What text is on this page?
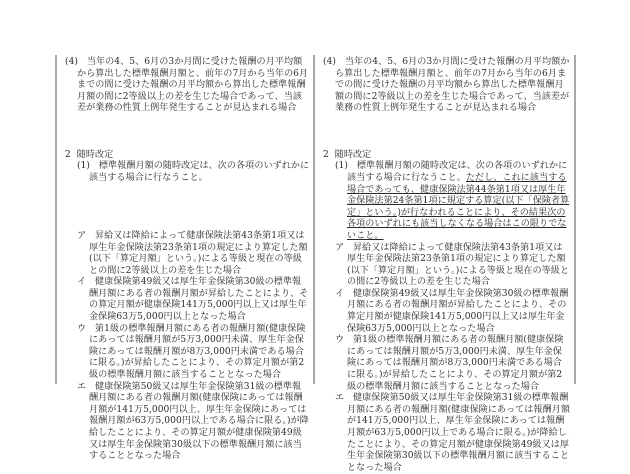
(4) 当年の4、5、6月の3か月間に受けた報酬の月平均額から算出した標準報酬月額と、前年の7月から当年の6月までの間に受けた報酬の月平均額から算出した標準報酬月額の間に2等級以上の差を生じた場合であって、当該差が業務の性質上例年発生することが見込まれる場合
2 随時改定
(1) 標準報酬月額の随時改定は、次の各項のいずれかに該当する場合に行なうこと。
ア 昇給又は降給によって健康保険法第43条第1項又は厚生年金保険法第23条第1項の規定により算定した額(以下「算定月額」という。)による等級と現在の等級との間に2等級以上の差を生じた場合
イ 健康保険第49級又は厚生年金保険第30級の標準報酬月額にある者の報酬月額が昇給したことにより、その算定月額が健康保険141万5,000円以上又は厚生年金保険63万5,000円以上となった場合
ウ 第1級の標準報酬月額にある者の報酬月額(健康保険にあっては報酬月額が5万3,000円未満、厚生年金保険にあっては報酬月額が8万3,000円未満である場合に限る。)が昇給したことにより、その算定月額が第2級の標準報酬月額に該当することとなった場合
エ 健康保険第50級又は厚生年金保険第31級の標準報酬月額にある者の報酬月額(健康保険にあっては報酬月額が141万5,000円以上、厚生年金保険にあっては報酬月額が63万5,000円以上である場合に限る。)が降給したことにより、その算定月額が健康保険第49級又は厚生年金保険第30級以下の標準報酬月額に該当することとなった場合
(4) 当年の4、5、6月の3か月間に受けた報酬の月平均額から算出した標準報酬月額と、前年の7月から当年の6月までの間に受けた報酬の月平均額から算出した標準報酬月額の間に2等級以上の差を生じた場合であって、当該差が業務の性質上例年発生することが見込まれる場合
2 随時改定
(1) 標準報酬月額の随時改定は、次の各項のいずれかに該当する場合に行なうこと。ただし、これに該当する場合であっても、健康保険法第44条第1項又は厚生年金保険法第24条第1項に規定する算定(以下「保険者算定」という。)が行なわれることにより、その結果次の各項のいずれにも該当しなくなる場合はこの限りでないこと。
ア 昇給又は降給によって健康保険法第43条第1項又は厚生年金保険法第23条第1項の規定により算定した額(以下「算定月額」という。)による等級と現在の等級との間に2等級以上の差を生じた場合
イ 健康保険第49級又は厚生年金保険第30級の標準報酬月額にある者の報酬月額が昇給したことにより、その算定月額が健康保険141万5,000円以上又は厚生年金保険63万5,000円以上となった場合
ウ 第1級の標準報酬月額にある者の報酬月額(健康保険にあっては報酬月額が5万3,000円未満、厚生年金保険にあっては報酬月額が8万3,000円未満である場合に限る。)が昇給したことにより、その算定月額が第2級の標準報酬月額に該当することとなった場合
エ 健康保険第50級又は厚生年金保険第31級の標準報酬月額にある者の報酬月額(健康保険にあっては報酬月額が141万5,000円以上、厚生年金保険にあっては報酬月額が63万5,000円以上である場合に限る。)が降給したことにより、その算定月額が健康保険第49級又は厚生年金保険第30級以下の標準報酬月額に該当することとなった場合
